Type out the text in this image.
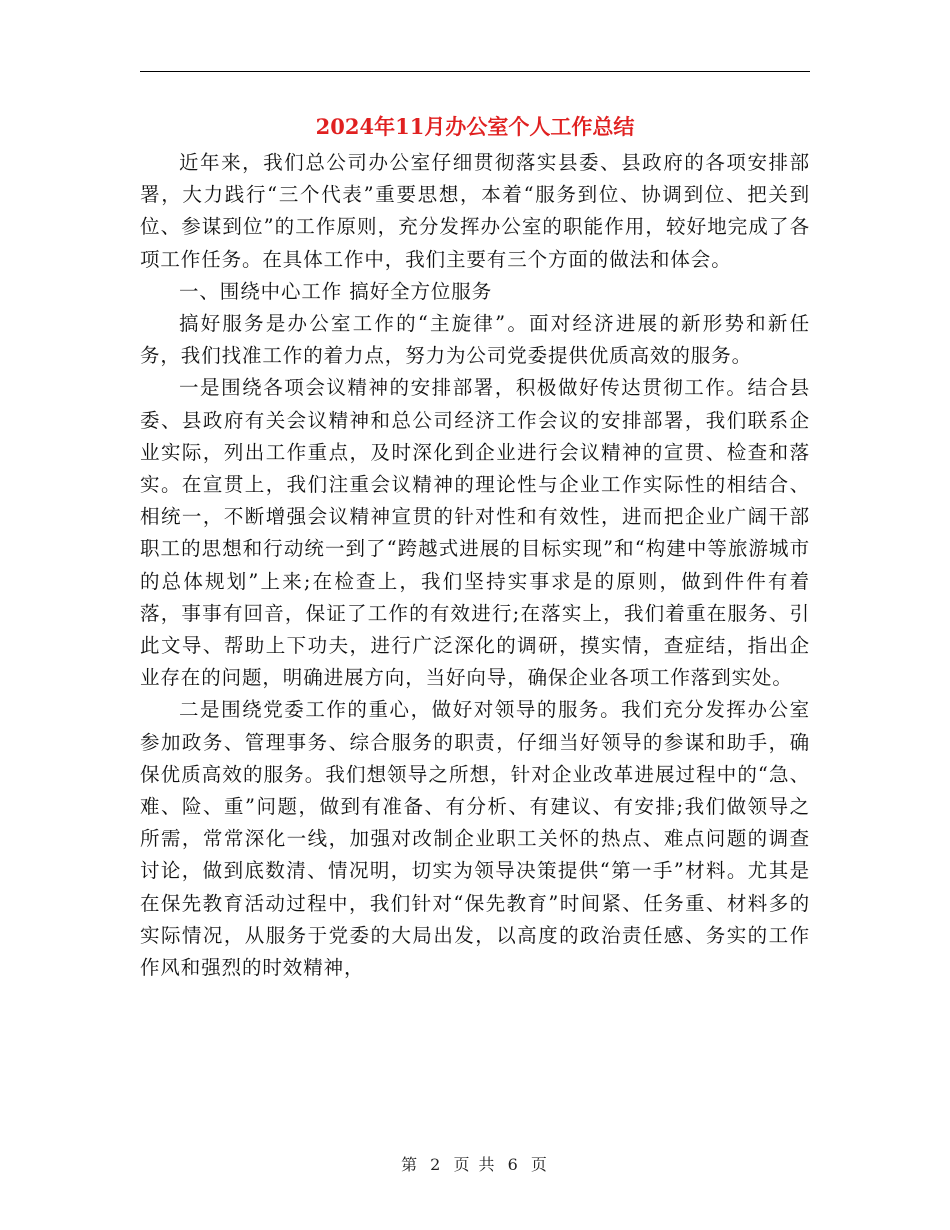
2024年11月办公室个人工作总结

近年来，我们总公司办公室仔细贯彻落实县委、县政府的各项安排部署，大力践行“三个代表”重要思想，本着“服务到位、协调到位、把关到位、参谋到位”的工作原则，充分发挥办公室的职能作用，较好地完成了各项工作任务。在具体工作中，我们主要有三个方面的做法和体会。

一、围绕中心工作 搞好全方位服务

搞好服务是办公室工作的“主旋律”。面对经济进展的新形势和新任务，我们找准工作的着力点，努力为公司党委提供优质高效的服务。

一是围绕各项会议精神的安排部署，积极做好传达贯彻工作。结合县委、县政府有关会议精神和总公司经济工作会议的安排部署，我们联系企业实际，列出工作重点，及时深化到企业进行会议精神的宣贯、检查和落实。在宣贯上，我们注重会议精神的理论性与企业工作实际性的相结合、相统一，不断增强会议精神宣贯的针对性和有效性，进而把企业广阔干部职工的思想和行动统一到了“跨越式进展的目标实现”和“构建中等旅游城市的总体规划”上来;在检查上，我们坚持实事求是的原则，做到件件有着落，事事有回音，保证了工作的有效进行;在落实上，我们着重在服务、引此文导、帮助上下功夫，进行广泛深化的调研，摸实情，查症结，指出企业存在的问题，明确进展方向，当好向导，确保企业各项工作落到实处。

二是围绕党委工作的重心，做好对领导的服务。我们充分发挥办公室参加政务、管理事务、综合服务的职责，仔细当好领导的参谋和助手，确保优质高效的服务。我们想领导之所想，针对企业改革进展过程中的“急、难、险、重”问题，做到有准备、有分析、有建议、有安排;我们做领导之所需，常常深化一线，加强对改制企业职工关怀的热点、难点问题的调查讨论，做到底数清、情况明，切实为领导决策提供“第一手”材料。尤其是在保先教育活动过程中，我们针对“保先教育”时间紧、任务重、材料多的实际情况，从服务于党委的大局出发，以高度的政治责任感、务实的工作作风和强烈的时效精神，

第 2 页 共 6 页
